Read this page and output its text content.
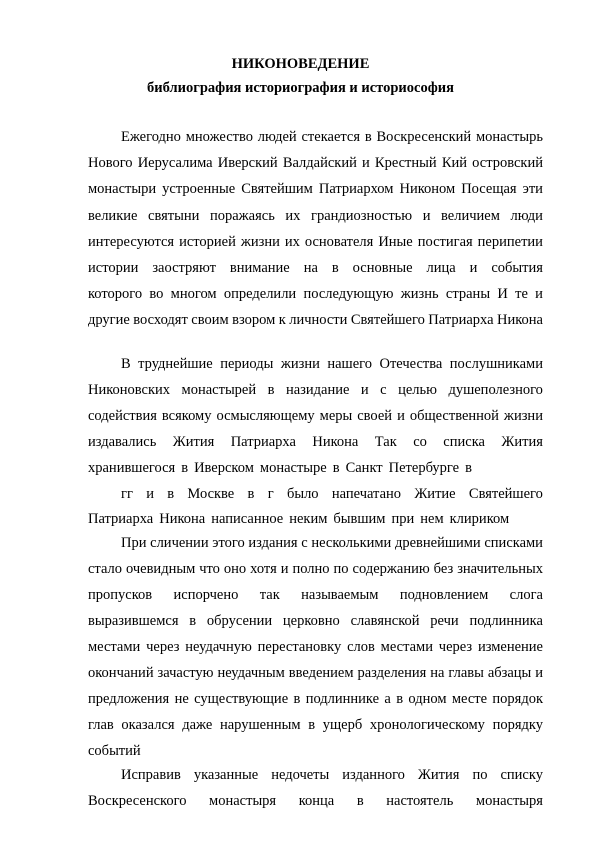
НИКОНОВЕДЕНИЕ
библиография историография и историософия
Ежегодно множество людей стекается в Воскресенский монастырь
Нового Иерусалима Иверский Валдайский и Крестный Кий островский
монастыри устроенные Святейшим Патриархом Никоном Посещая эти
великие святыни поражаясь их грандиозностью и величием люди
интересуются историей жизни их основателя Иные постигая перипетии
истории заостряют внимание на в основные лица и события
которого во многом определили последующую жизнь страны И те и
другие восходят своим взором к личности Святейшего Патриарха Никона
В труднейшие периоды жизни нашего Отечества послушниками
Никоновских монастырей в назидание и с целью душеполезного
содействия всякому осмысляющему меры своей и общественной жизни
издавались Жития Патриарха Никона Так со списка Жития
хранившегося в Иверском монастыре в Санкт Петербурге в
гг и в Москве в г было напечатано Житие Святейшего
Патриарха Никона написанное неким бывшим при нем клириком
При сличении этого издания с несколькими древнейшими списками
стало очевидным что оно хотя и полно по содержанию без значительных
пропусков испорчено так называемым подновлением слога
выразившемся в обрусении церковно славянской речи подлинника
местами через неудачную перестановку слов местами через изменение
окончаний зачастую неудачным введением разделения на главы абзацы и
предложения не существующие в подлиннике а в одном месте порядок
глав оказался даже нарушенным в ущерб хронологическому порядку
событий
Исправив указанные недочеты изданного Жития по списку
Воскресенского монастыря конца в настоятель монастыря
